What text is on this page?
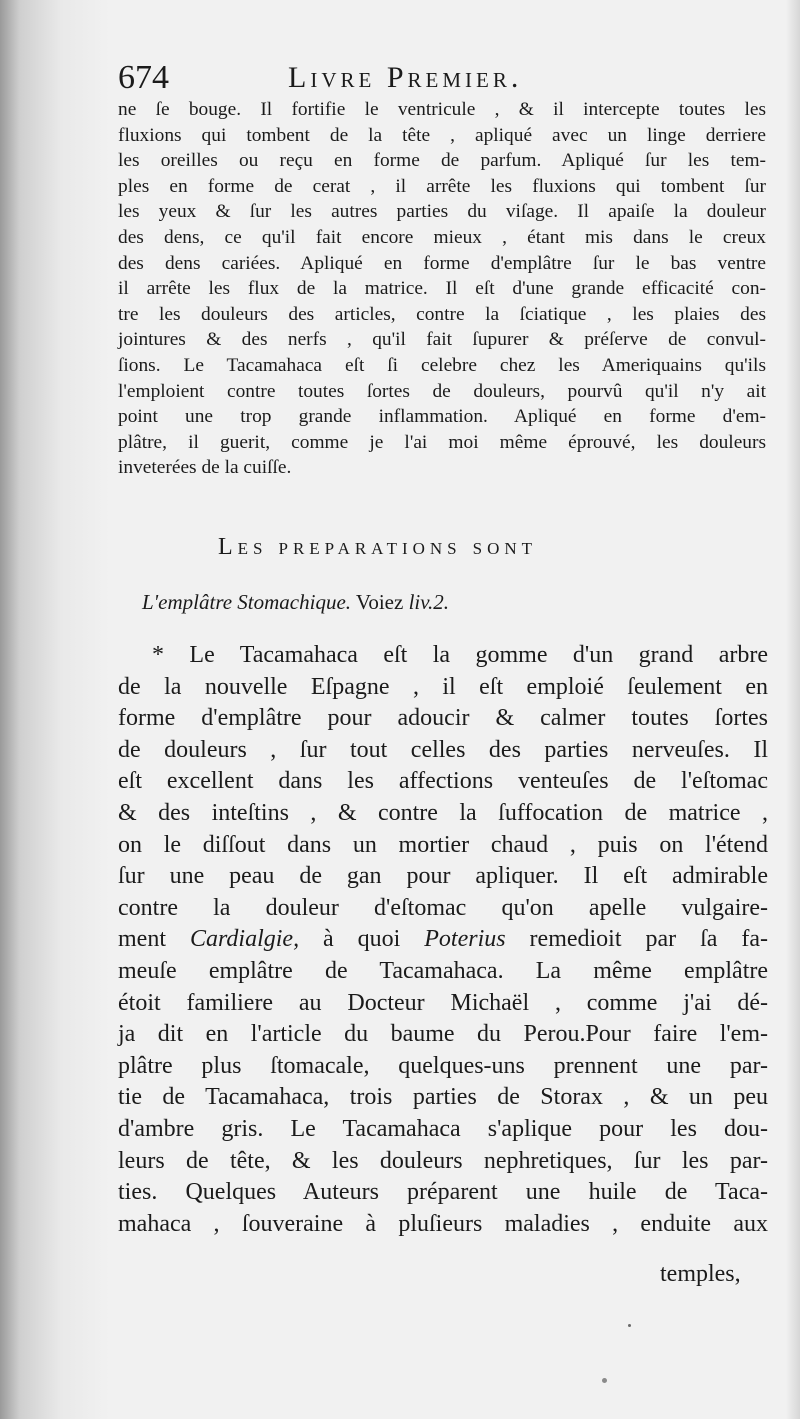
674	Livre Premier.
ne ſe bouge. Il fortifie le ventricule , & il intercepte toutes les
fluxions qui tombent de la tête , apliqué avec un linge derriere
les oreilles ou reçu en forme de parfum. Apliqué ſur les tem-
ples en forme de cerat , il arrête les fluxions qui tombent ſur
les yeux & ſur les autres parties du viſage. Il apaiſe la douleur
des dens, ce qu'il fait encore mieux , étant mis dans le creux
des dens cariées. Apliqué en forme d'emplâtre ſur le bas ventre
il arrête les flux de la matrice. Il eſt d'une grande efficacité con-
tre les douleurs des articles, contre la ſciatique , les plaies des
jointures & des nerfs , qu'il fait ſupurer & préſerve de convul-
ſions. Le Tacamahaca eſt ſi celebre chez les Ameriquains qu'ils
l'emploient contre toutes ſortes de douleurs, pourvû qu'il n'y ait
point une trop grande inflammation. Apliqué en forme d'em-
plâtre, il guerit, comme je l'ai moi même éprouvé, les douleurs
inveterées de la cuiſſe.
Les preparations sont
L'emplâtre Stomachique. Voiez liv.2.
* Le Tacamahaca eſt la gomme d'un grand arbre
de la nouvelle Eſpagne , il eſt emploié ſeulement en
forme d'emplâtre pour adoucir & calmer toutes ſortes
de douleurs , ſur tout celles des parties nerveuſes. Il
eſt excellent dans les affections venteuſes de l'eſtomac
& des inteſtins , & contre la ſuffocation de matrice ,
on le diſſout dans un mortier chaud , puis on l'étend
ſur une peau de gan pour apliquer. Il eſt admirable
contre la douleur d'eſtomac qu'on apelle vulgaire-
ment Cardialgie, à quoi Poterius remedioit par ſa fa-
meuſe emplâtre de Tacamahaca. La même emplâtre
étoit familiere au Docteur Michaël , comme j'ai dé-
ja dit en l'article du baume du Perou.Pour faire l'em-
plâtre plus ſtomacale, quelques-uns prennent une par-
tie de Tacamahaca, trois parties de Storax , & un peu
d'ambre gris. Le Tacamahaca s'aplique pour les dou-
leurs de tête, & les douleurs nephretiques, ſur les par-
ties. Quelques Auteurs préparent une huile de Taca-
mahaca , ſouveraine à pluſieurs maladies , enduite aux
temples,
